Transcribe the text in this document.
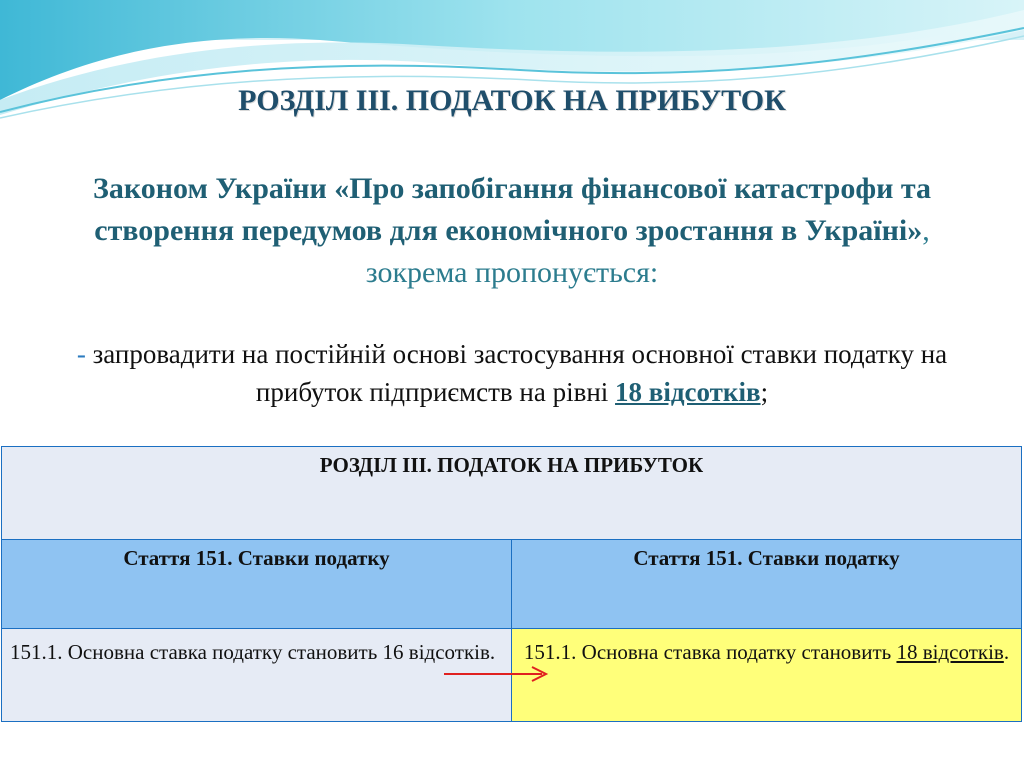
РОЗДІЛ ІІІ. ПОДАТОК НА ПРИБУТОК
Законом України «Про запобігання фінансової катастрофи та створення передумов для економічного зростання в Україні», зокрема пропонується:
- запровадити на постійній основі застосування основної ставки податку на прибуток підприємств на рівні 18 відсотків;
РОЗДІЛ ІІІ. ПОДАТОК НА ПРИБУТОК	
Стаття 151. Ставки податку	Стаття 151. Ставки податку
151.1. Основна ставка податку становить 16 відсотків.	151.1. Основна ставка податку становить 18 відсотків.
